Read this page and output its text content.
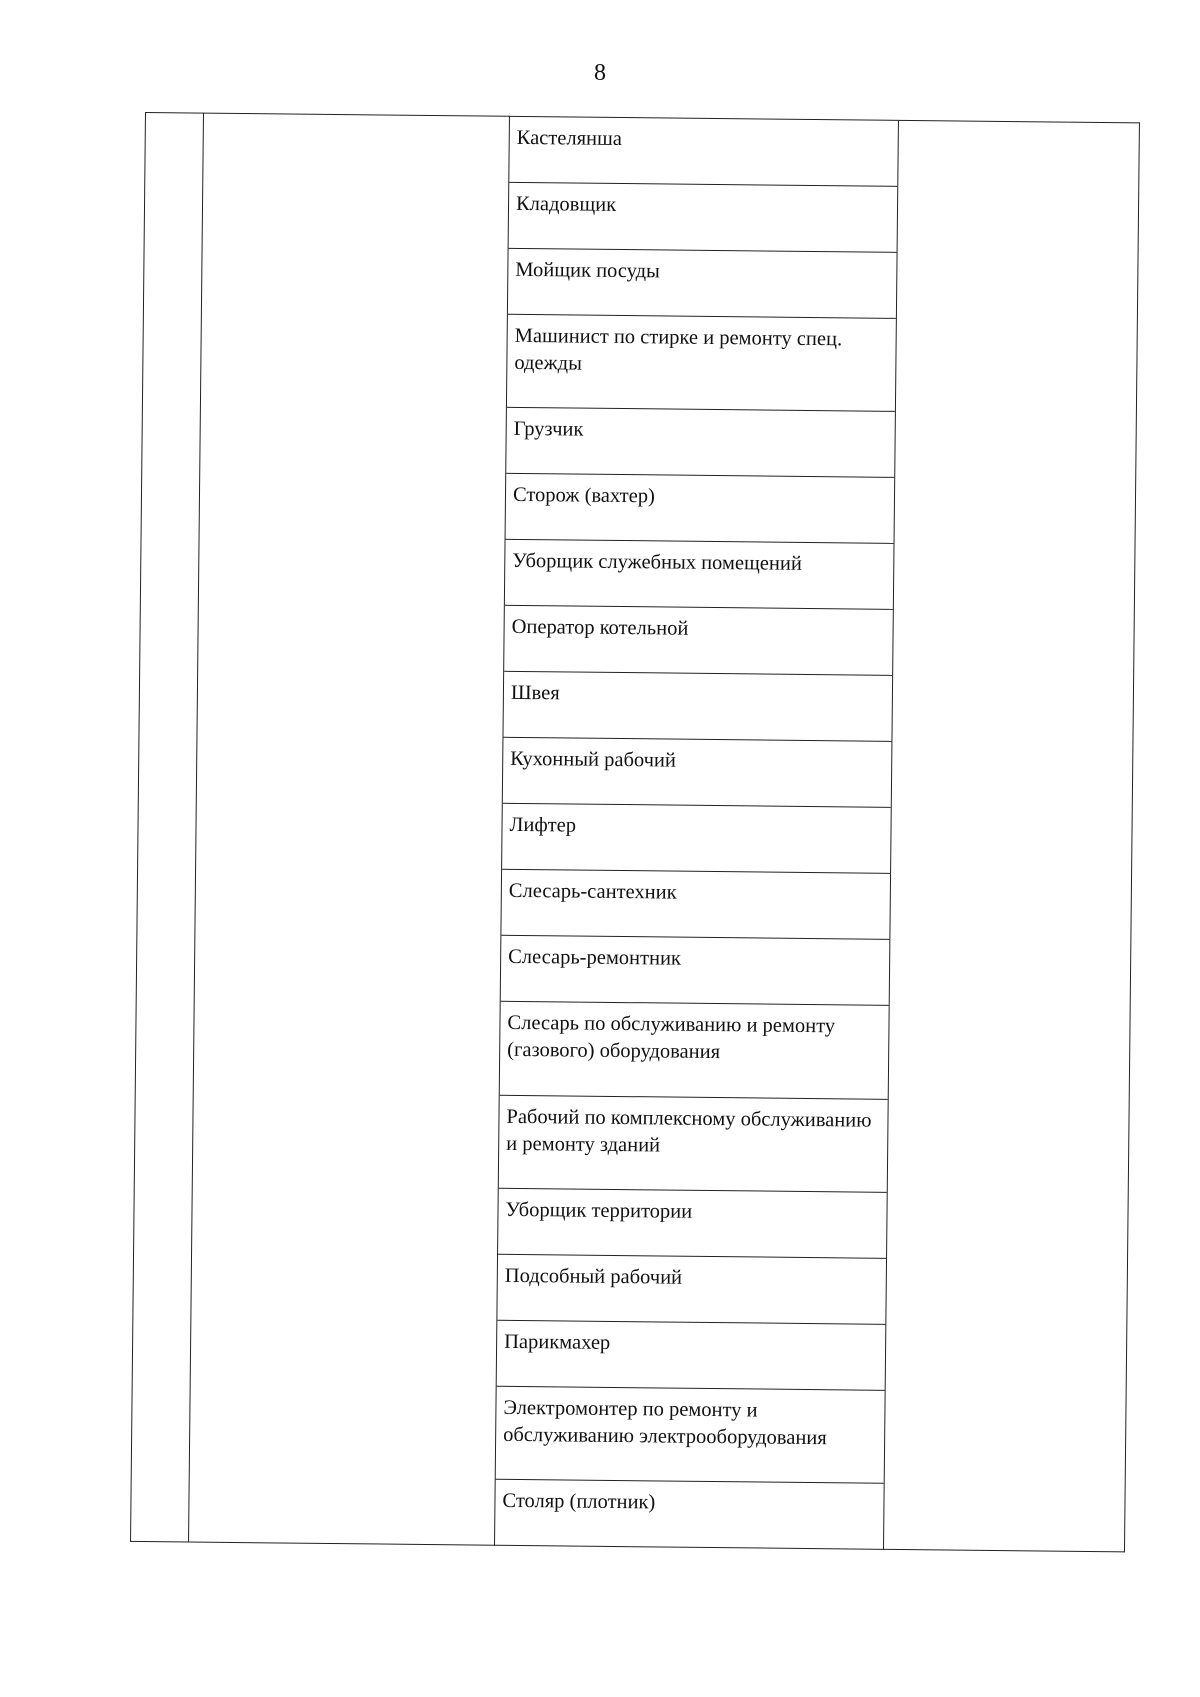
8

Кастелянша
Кладовщик
Мойщик посуды
Машинист по стирке и ремонту спец. одежды
Грузчик
Сторож (вахтер)
Уборщик служебных помещений
Оператор котельной
Швея
Кухонный рабочий
Лифтер
Слесарь-сантехник
Слесарь-ремонтник
Слесарь по обслуживанию и ремонту (газового) оборудования
Рабочий по комплексному обслуживанию и ремонту зданий
Уборщик территории
Подсобный рабочий
Парикмахер
Электромонтер по ремонту и обслуживанию электрооборудования
Столяр (плотник)
